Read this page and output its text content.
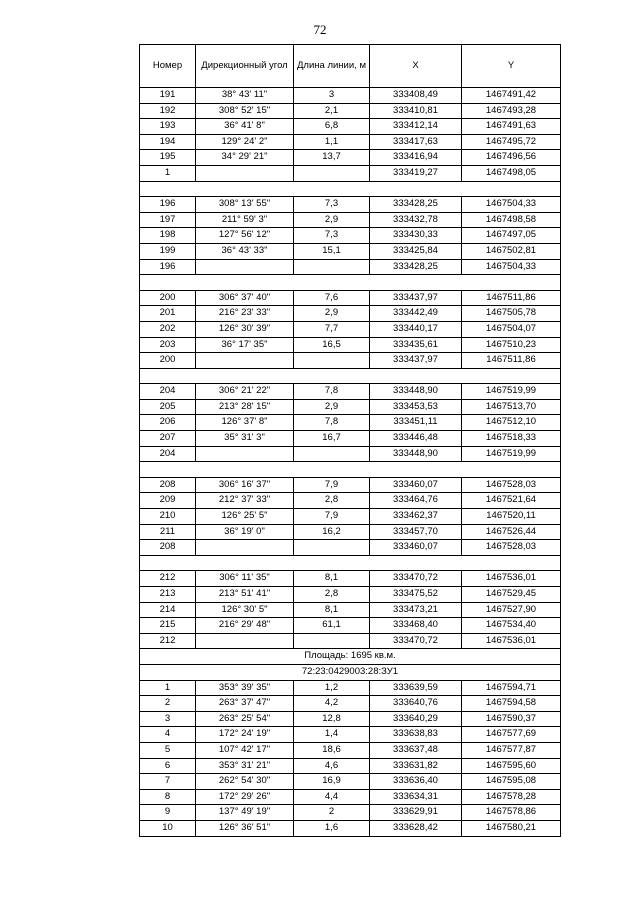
72
Номер	Дирекционный угол	Длина линии, м	X	Y
191	38° 43' 11"	3	333408,49	1467491,42
192	308° 52' 15"	2,1	333410,81	1467493,28
193	36° 41' 8"	6,8	333412,14	1467491,63
194	129° 24' 2"	1,1	333417,63	1467495,72
195	34° 29' 21"	13,7	333416,94	1467496,56
1			333419,27	1467498,05

196	308° 13' 55"	7,3	333428,25	1467504,33
197	211° 59' 3"	2,9	333432,78	1467498,58
198	127° 56' 12"	7,3	333430,33	1467497,05
199	36° 43' 33"	15,1	333425,84	1467502,81
196			333428,25	1467504,33

200	306° 37' 40"	7,6	333437,97	1467511,86
201	216° 23' 33"	2,9	333442,49	1467505,78
202	126° 30' 39"	7,7	333440,17	1467504,07
203	36° 17' 35"	16,5	333435,61	1467510,23
200			333437,97	1467511,86

204	306° 21' 22"	7,8	333448,90	1467519,99
205	213° 28' 15"	2,9	333453,53	1467513,70
206	126° 37' 8"	7,8	333451,11	1467512,10
207	35° 31' 3"	16,7	333446,48	1467518,33
204			333448,90	1467519,99

208	306° 16' 37"	7,9	333460,07	1467528,03
209	212° 37' 33"	2,8	333464,76	1467521,64
210	126° 25' 5"	7,9	333462,37	1467520,11
211	36° 19' 0"	16,2	333457,70	1467526,44
208			333460,07	1467528,03

212	306° 11' 35"	8,1	333470,72	1467536,01
213	213° 51' 41"	2,8	333475,52	1467529,45
214	126° 30' 5"	8,1	333473,21	1467527,90
215	216° 29' 48"	61,1	333468,40	1467534,40
212			333470,72	1467536,01
Площадь: 1695 кв.м.				
72:23:0429003:28:ЗУ1				
1	353° 39' 35"	1,2	333639,59	1467594,71
2	263° 37' 47"	4,2	333640,76	1467594,58
3	263° 25' 54"	12,8	333640,29	1467590,37
4	172° 24' 19"	1,4	333638,83	1467577,69
5	107° 42' 17"	18,6	333637,48	1467577,87
6	353° 31' 21"	4,6	333631,82	1467595,60
7	262° 54' 30"	16,9	333636,40	1467595,08
8	172° 29' 26"	4,4	333634,31	1467578,28
9	137° 49' 19"	2	333629,91	1467578,86
10	126° 36' 51"	1,6	333628,42	1467580,21
